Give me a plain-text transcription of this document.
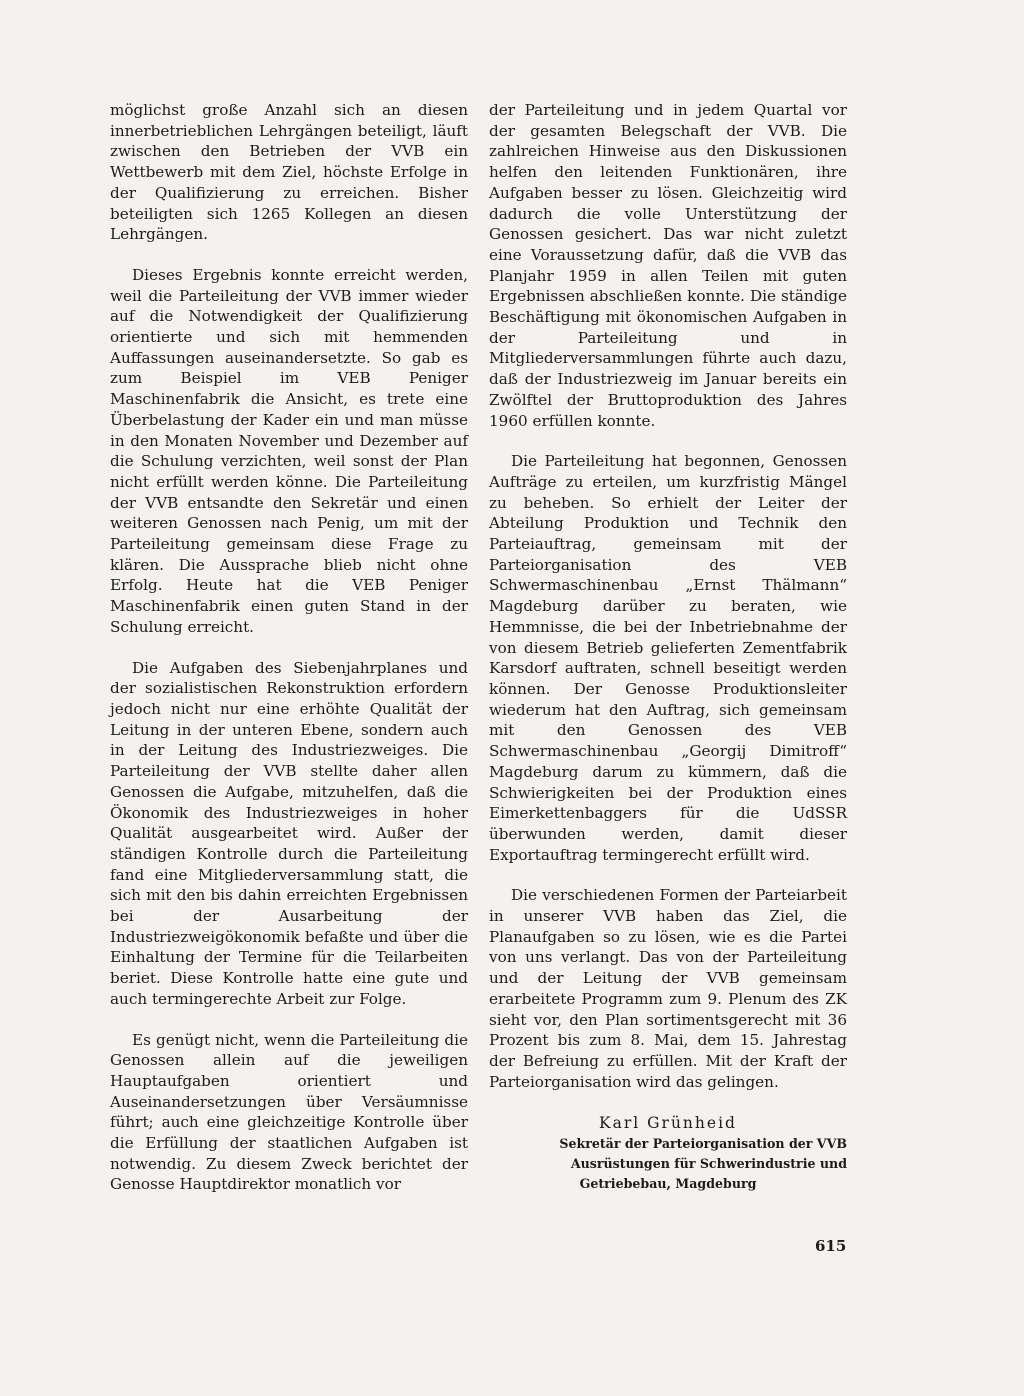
möglichst große Anzahl sich an diesen innerbetrieblichen Lehrgängen beteiligt, läuft zwischen den Betrieben der VVB ein Wettbewerb mit dem Ziel, höchste Erfolge in der Qualifizierung zu erreichen. Bisher beteiligten sich 1265 Kollegen an diesen Lehrgängen.

Dieses Ergebnis konnte erreicht werden, weil die Parteileitung der VVB immer wieder auf die Notwendigkeit der Qualifizierung orientierte und sich mit hemmenden Auffassungen auseinandersetzte. So gab es zum Beispiel im VEB Peniger Maschinenfabrik die Ansicht, es trete eine Überbelastung der Kader ein und man müsse in den Monaten November und Dezember auf die Schulung verzichten, weil sonst der Plan nicht erfüllt werden könne. Die Parteileitung der VVB entsandte den Sekretär und einen weiteren Genossen nach Penig, um mit der Parteileitung gemeinsam diese Frage zu klären. Die Aussprache blieb nicht ohne Erfolg. Heute hat die VEB Peniger Maschinenfabrik einen guten Stand in der Schulung erreicht.

Die Aufgaben des Siebenjahrplanes und der sozialistischen Rekonstruktion erfordern jedoch nicht nur eine erhöhte Qualität der Leitung in der unteren Ebene, sondern auch in der Leitung des Industriezweiges. Die Parteileitung der VVB stellte daher allen Genossen die Aufgabe, mitzuhelfen, daß die Ökonomik des Industriezweiges in hoher Qualität ausgearbeitet wird. Außer der ständigen Kontrolle durch die Parteileitung fand eine Mitgliederversammlung statt, die sich mit den bis dahin erreichten Ergebnissen bei der Ausarbeitung der Industriezweigökonomik befaßte und über die Einhaltung der Termine für die Teilarbeiten beriet. Diese Kontrolle hatte eine gute und auch termingerechte Arbeit zur Folge.

Es genügt nicht, wenn die Parteileitung die Genossen allein auf die jeweiligen Hauptaufgaben orientiert und Auseinandersetzungen über Versäumnisse führt; auch eine gleichzeitige Kontrolle über die Erfüllung der staatlichen Aufgaben ist notwendig. Zu diesem Zweck berichtet der Genosse Hauptdirektor monatlich vor

der Parteileitung und in jedem Quartal vor der gesamten Belegschaft der VVB. Die zahlreichen Hinweise aus den Diskussionen helfen den leitenden Funktionären, ihre Aufgaben besser zu lösen. Gleichzeitig wird dadurch die volle Unterstützung der Genossen gesichert. Das war nicht zuletzt eine Voraussetzung dafür, daß die VVB das Planjahr 1959 in allen Teilen mit guten Ergebnissen abschließen konnte. Die ständige Beschäftigung mit ökonomischen Aufgaben in der Parteileitung und in Mitgliederversammlungen führte auch dazu, daß der Industriezweig im Januar bereits ein Zwölftel der Bruttoproduktion des Jahres 1960 erfüllen konnte.

Die Parteileitung hat begonnen, Genossen Aufträge zu erteilen, um kurzfristig Mängel zu beheben. So erhielt der Leiter der Abteilung Produktion und Technik den Parteiauftrag, gemeinsam mit der Parteiorganisation des VEB Schwermaschinenbau „Ernst Thälmann“ Magdeburg darüber zu beraten, wie Hemmnisse, die bei der Inbetriebnahme der von diesem Betrieb gelieferten Zementfabrik Karsdorf auftraten, schnell beseitigt werden können. Der Genosse Produktionsleiter wiederum hat den Auftrag, sich gemeinsam mit den Genossen des VEB Schwermaschinenbau „Georgij Dimitroff“ Magdeburg darum zu kümmern, daß die Schwierigkeiten bei der Produktion eines Eimerkettenbaggers für die UdSSR überwunden werden, damit dieser Exportauftrag termingerecht erfüllt wird.

Die verschiedenen Formen der Parteiarbeit in unserer VVB haben das Ziel, die Planaufgaben so zu lösen, wie es die Partei von uns verlangt. Das von der Parteileitung und der Leitung der VVB gemeinsam erarbeitete Programm zum 9. Plenum des ZK sieht vor, den Plan sortimentsgerecht mit 36 Prozent bis zum 8. Mai, dem 15. Jahrestag der Befreiung zu erfüllen. Mit der Kraft der Parteiorganisation wird das gelingen.

Karl Grünheid
Sekretär der Parteiorganisation der VVB
Ausrüstungen für Schwerindustrie und
Getriebebau, Magdeburg
615
